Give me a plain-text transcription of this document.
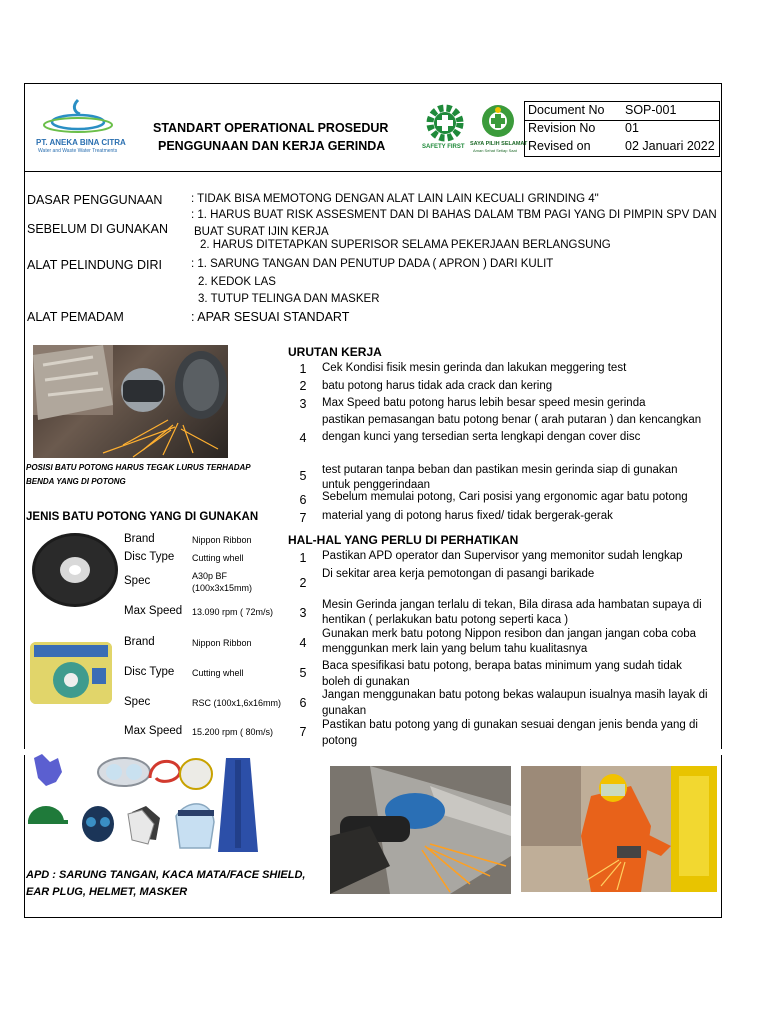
PT. ANEKA BINA CITRA
Water and Waste Water Treatments
STANDART OPERATIONAL PROSEDUR
PENGGUNAAN DAN KERJA GERINDA	SAFETY FIRST SAYA PILIH SELAMAT
Aman Sehat Setiap Saat
Document No SOP-001
Revision No 01
Revised on	02 Januari 2022
DASAR PENGGUNAAN : TIDAK BISA MEMOTONG DENGAN ALAT LAIN LAIN KECUALI GRINDING 4"
SEBELUM DI GUNAKAN
: 1. HARUS BUAT RISK ASSESMENT DAN DI BAHAS DALAM TBM PAGI YANG DI PIMPIN SPV DAN
BUAT SURAT IJIN KERJA
2. HARUS DITETAPKAN SUPERISOR SELAMA PEKERJAAN BERLANGSUNG
ALAT PELINDUNG DIRI	: 1. SARUNG TANGAN DAN PENUTUP DADA ( APRON ) DARI KULIT
2. KEDOK LAS
3. TUTUP TELINGA DAN MASKER
ALAT PEMADAM	: APAR SESUAI STANDART
POSISI BATU POTONG HARUS TEGAK LURUS TERHADAP
BENDA YANG DI POTONG
JENIS BATU POTONG YANG DI GUNAKAN
Brand	Nippon Ribbon
Disc Type Cutting whell
Spec	A30p BF
(100x3x15mm)
Max Speed 13.090 rpm ( 72m/s)
Brand	Nippon Ribbon
Disc Type Cutting whell
Spec	RSC (100x1,6x16mm)
Max Speed 15.200 rpm ( 80m/s)
URUTAN KERJA
1	Cek Kondisi fisik mesin gerinda dan lakukan meggering test
2	batu potong harus tidak ada crack dan kering
3	Max Speed batu potong harus lebih besar speed mesin gerinda
pastikan pemasangan batu potong benar ( arah putaran ) dan kencangkan
4	dengan kunci yang tersedian serta lengkapi dengan cover disc
5	test putaran tanpa beban dan pastikan mesin gerinda siap di gunakan
untuk penggerindaan
6	Sebelum memulai potong, Cari posisi yang ergonomic agar batu potong
7	material yang di potong harus fixed/ tidak bergerak-gerak
HAL-HAL YANG PERLU DI PERHATIKAN
1	Pastikan APD operator dan Supervisor yang memonitor sudah lengkap
2
Di sekitar area kerja pemotongan di pasangi barikade
3
Mesin Gerinda jangan terlalu di tekan, Bila dirasa ada hambatan supaya di
hentikan ( perlakukan batu potong seperti kaca )
4
Gunakan merk batu potong Nippon resibon dan jangan jangan coba coba
menggunkan merk lain yang belum tahu kualitasnya
5	Baca spesifikasi batu potong, berapa batas minimum yang sudah tidak
boleh di gunakan
6
Jangan menggunakan batu potong bekas walaupun isualnya masih layak di
gunakan
7	Pastikan batu potong yang di gunakan sesuai dengan jenis benda yang di
potong
APD : SARUNG TANGAN, KACA MATA/FACE SHIELD,
EAR PLUG, HELMET, MASKER
